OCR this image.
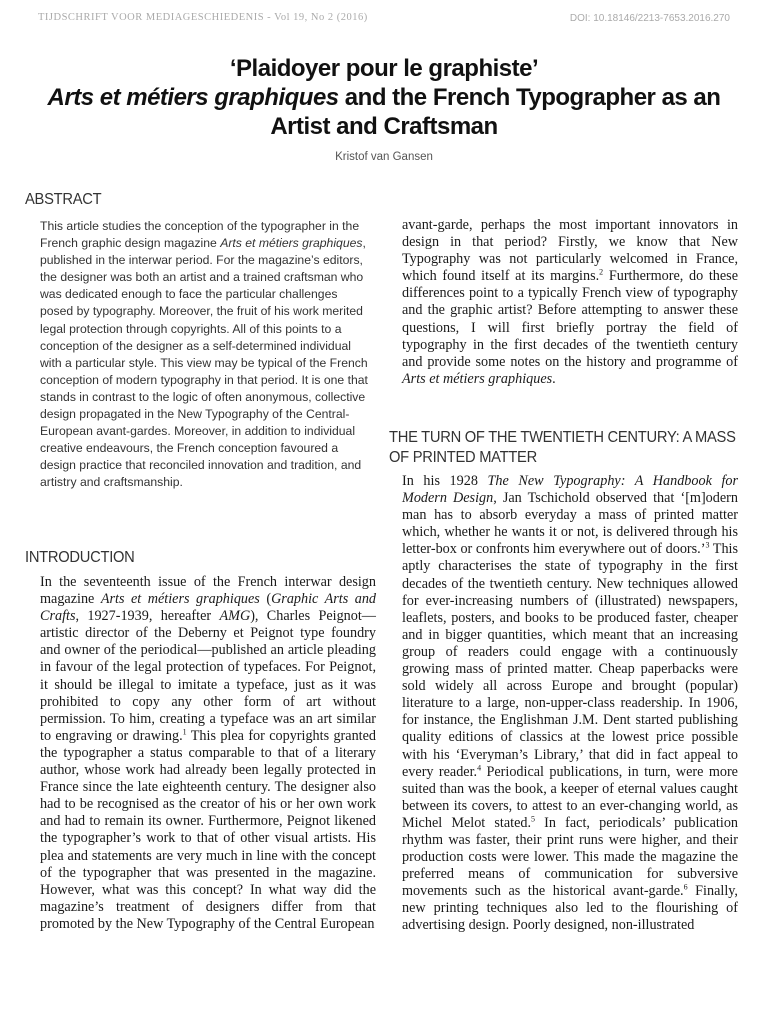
TIJDSCHRIFT VOOR MEDIAGESCHIEDENIS - Vol 19, No 2 (2016)	DOI: 10.18146/2213-7653.2016.270
‘Plaidoyer pour le graphiste’
Arts et métiers graphiques and the French Typographer as an
Artist and Craftsman
Kristof van Gansen
ABSTRACT
This article studies the conception of the typographer in the French graphic design magazine Arts et métiers graphiques, published in the interwar period. For the magazine’s editors, the designer was both an artist and a trained craftsman who was dedicated enough to face the particular challenges posed by typography. Moreover, the fruit of his work merited legal protection through copyrights. All of this points to a conception of the designer as a self-determined individual with a particular style. This view may be typical of the French conception of modern typography in that period. It is one that stands in contrast to the logic of often anonymous, collective design propagated in the New Typography of the Central-European avant-gardes. Moreover, in addition to individual creative endeavours, the French conception favoured a design practice that reconciled innovation and tradition, and artistry and craftsmanship.
INTRODUCTION
In the seventeenth issue of the French interwar design magazine Arts et métiers graphiques (Graphic Arts and Crafts, 1927-1939, hereafter AMG), Charles Peignot—artistic director of the Deberny et Peignot type foundry and owner of the periodical—published an article pleading in favour of the legal protection of typefaces. For Peignot, it should be illegal to imitate a typeface, just as it was prohibited to copy any other form of art without permission. To him, creating a typeface was an art similar to engraving or drawing.$^1$ This plea for copyrights granted the typographer a status comparable to that of a literary author, whose work had already been legally protected in France since the late eighteenth century. The designer also had to be recognised as the creator of his or her own work and had to remain its owner. Furthermore, Peignot likened the typographer’s work to that of other visual artists. His plea and statements are very much in line with the concept of the typographer that was presented in the magazine. However, what was this concept? In what way did the magazine’s treatment of designers differ from that promoted by the New Typography of the Central European
avant-garde, perhaps the most important innovators in design in that period? Firstly, we know that New Typography was not particularly welcomed in France, which found itself at its margins.$^2$ Furthermore, do these differences point to a typically French view of typography and the graphic artist? Before attempting to answer these questions, I will first briefly portray the field of typography in the first decades of the twentieth century and provide some notes on the history and programme of Arts et métiers graphiques.
THE TURN OF THE TWENTIETH CENTURY: A MASS OF PRINTED MATTER
In his 1928 The New Typography: A Handbook for Modern Design, Jan Tschichold observed that ‘[m]odern man has to absorb everyday a mass of printed matter which, whether he wants it or not, is delivered through his letter-box or confronts him everywhere out of doors.’$^3$ This aptly characterises the state of typography in the first decades of the twentieth century. New techniques allowed for ever-increasing numbers of (illustrated) newspapers, leaflets, posters, and books to be produced faster, cheaper and in bigger quantities, which meant that an increasing group of readers could engage with a continuously growing mass of printed matter. Cheap paperbacks were sold widely all across Europe and brought (popular) literature to a large, non-upper-class readership. In 1906, for instance, the Englishman J.M. Dent started publishing quality editions of classics at the lowest price possible with his ‘Everyman’s Library,’ that did in fact appeal to every reader.$^4$ Periodical publications, in turn, were more suited than was the book, a keeper of eternal values caught between its covers, to attest to an ever-changing world, as Michel Melot stated.$^5$ In fact, periodicals’ publication rhythm was faster, their print runs were higher, and their production costs were lower. This made the magazine the preferred means of communication for subversive movements such as the historical avant-garde.$^6$ Finally, new printing techniques also led to the flourishing of advertising design. Poorly designed, non-illustrated
